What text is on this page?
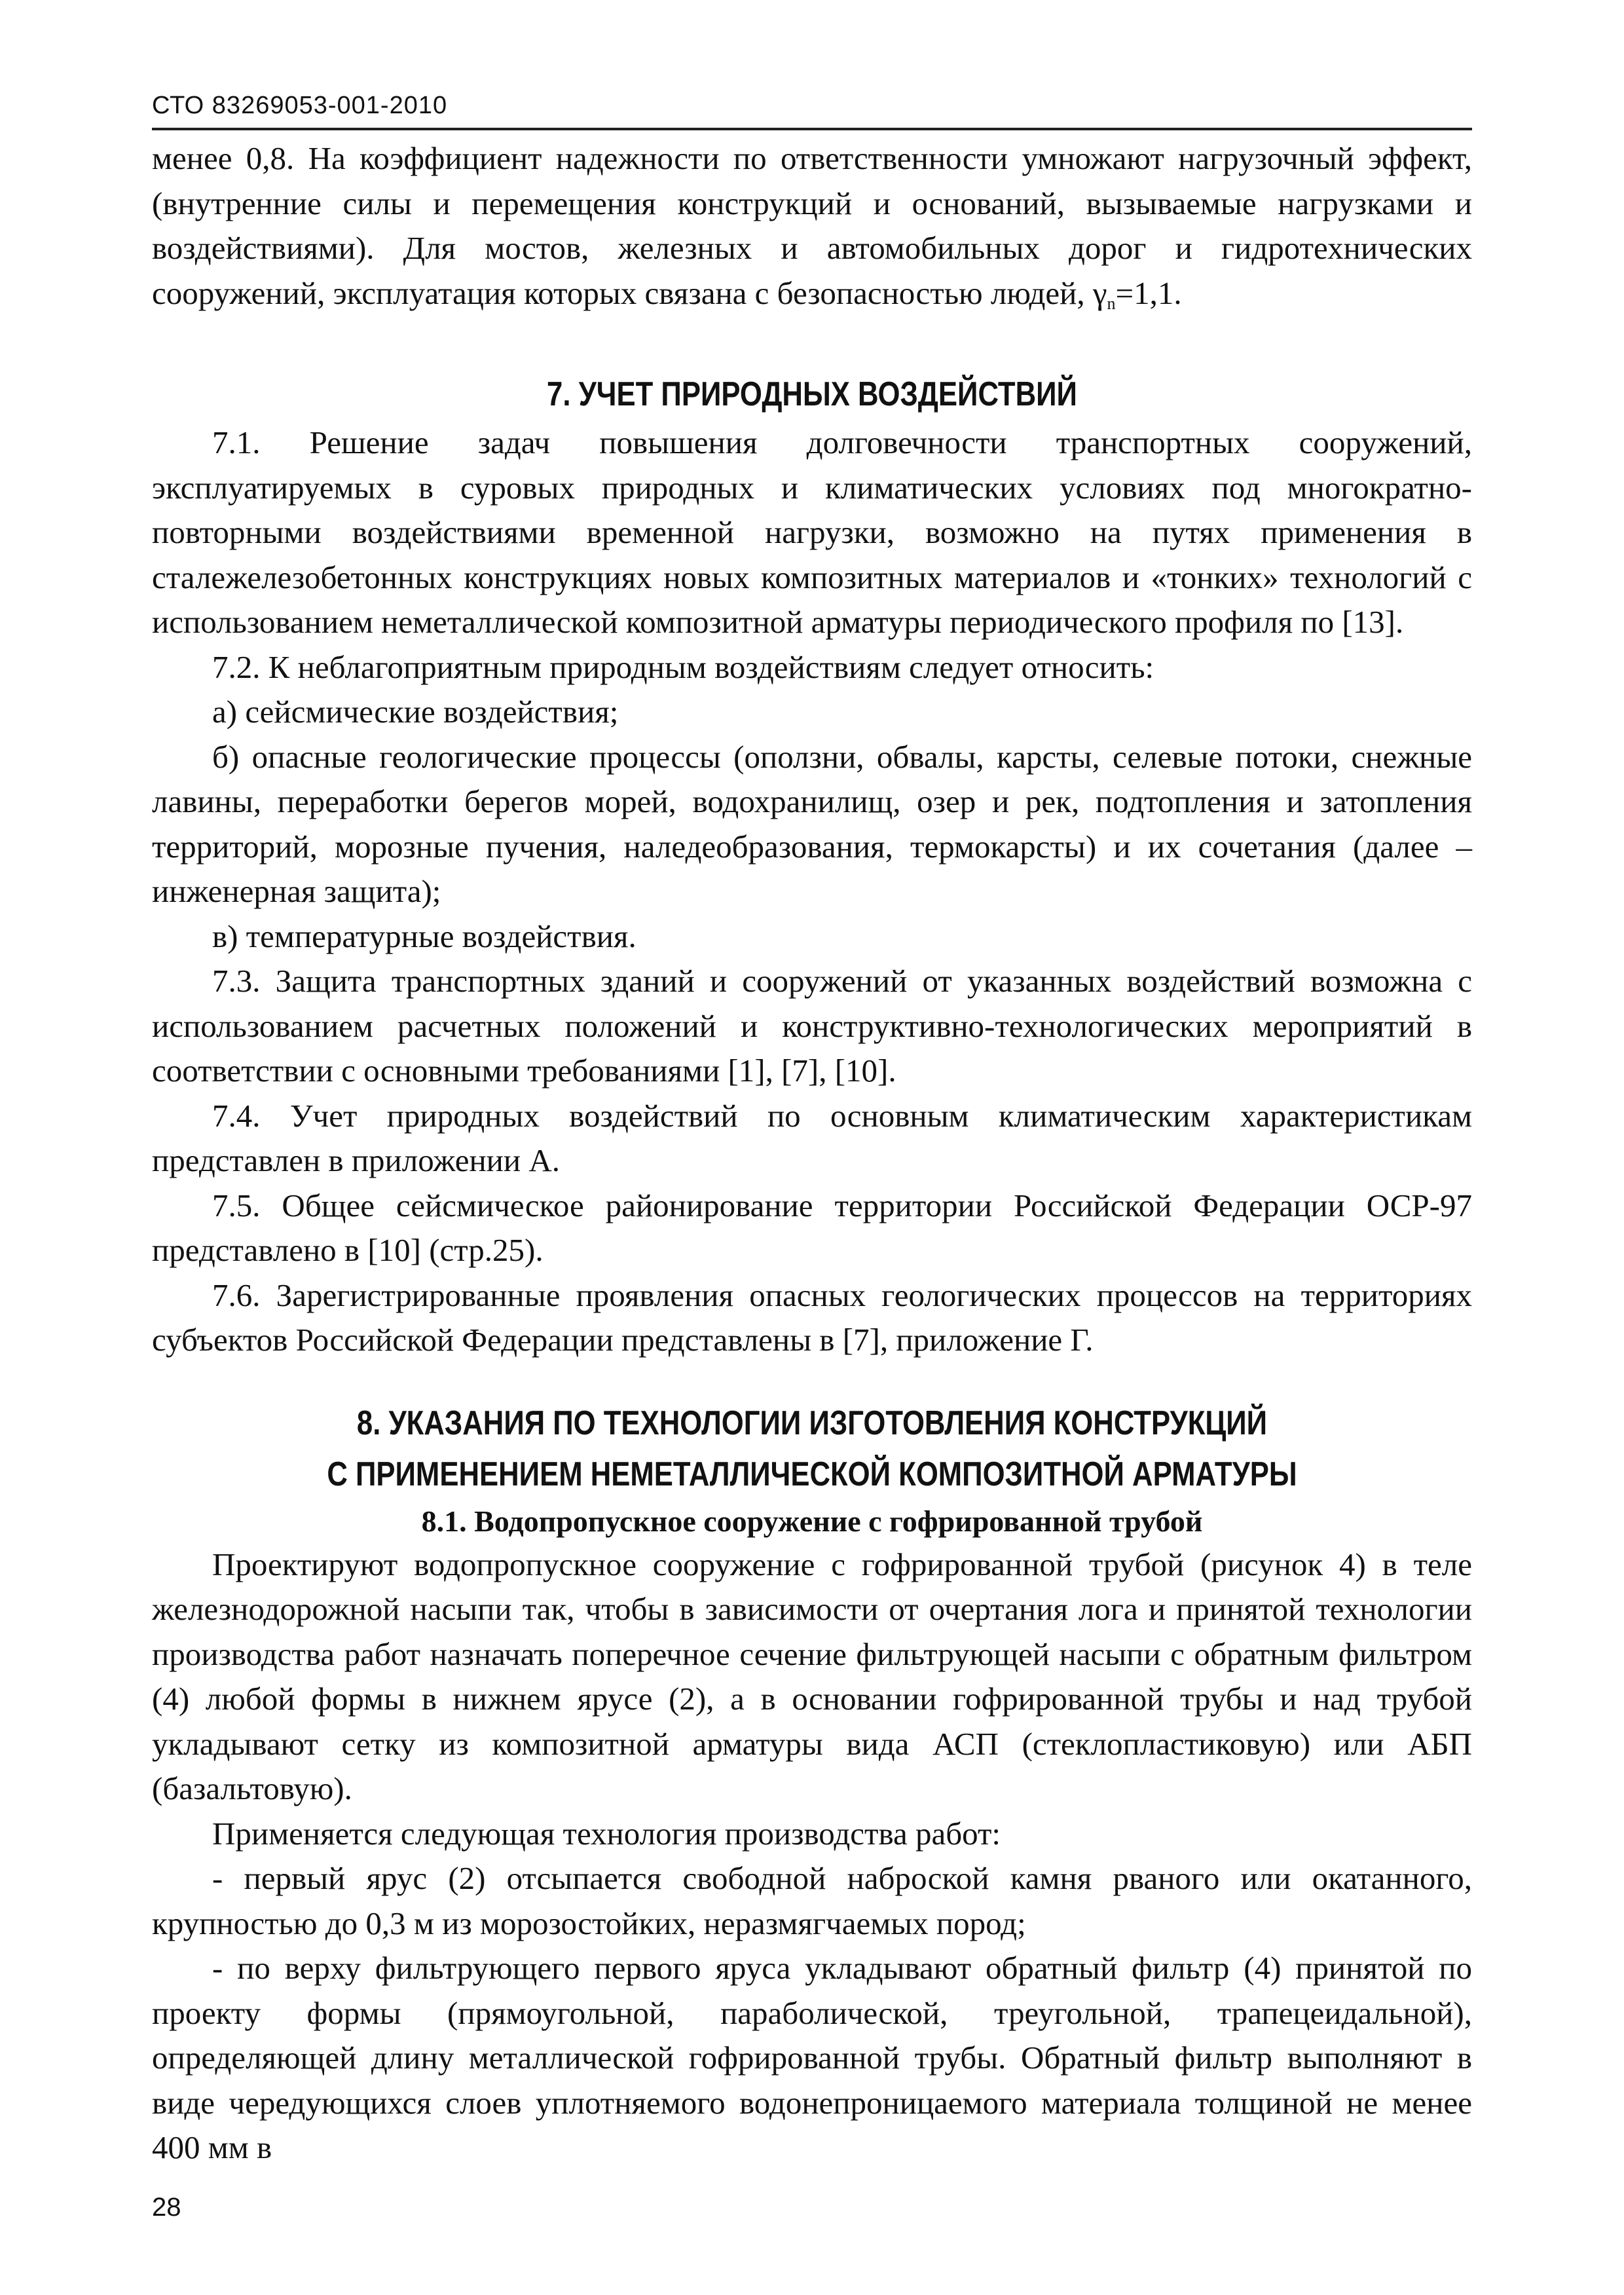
СТО 83269053-001-2010

менее 0,8. На коэффициент надежности по ответственности умножают нагрузочный эффект, (внутренние силы и перемещения конструкций и оснований, вызываемые нагрузками и воздействиями). Для мостов, железных и автомобильных дорог и гидротехнических сооружений, эксплуатация которых связана с безопасностью людей, $\gamma_n=1,1$.

7. УЧЕТ ПРИРОДНЫХ ВОЗДЕЙСТВИЙ

7.1. Решение задач повышения долговечности транспортных сооружений, эксплуатируемых в суровых природных и климатических условиях под многократно-повторными воздействиями временной нагрузки, возможно на путях применения в сталежелезобетонных конструкциях новых композитных материалов и «тонких» технологий с использованием неметаллической композитной арматуры периодического профиля по [13].

7.2. К неблагоприятным природным воздействиям следует относить:

а) сейсмические воздействия;

б) опасные геологические процессы (оползни, обвалы, карсты, селевые потоки, снежные лавины, переработки берегов морей, водохранилищ, озер и рек, подтопления и затопления территорий, морозные пучения, наледеобразования, термокарсты) и их сочетания (далее – инженерная защита);

в) температурные воздействия.

7.3. Защита транспортных зданий и сооружений от указанных воздействий возможна с использованием расчетных положений и конструктивно-технологических мероприятий в соответствии с основными требованиями [1], [7], [10].

7.4. Учет природных воздействий по основным климатическим характеристикам представлен в приложении А.

7.5. Общее сейсмическое районирование территории Российской Федерации ОСР-97 представлено в [10] (стр.25).

7.6. Зарегистрированные проявления опасных геологических процессов на территориях субъектов Российской Федерации представлены в [7], приложение Г.

8. УКАЗАНИЯ ПО ТЕХНОЛОГИИ ИЗГОТОВЛЕНИЯ КОНСТРУКЦИЙ
С ПРИМЕНЕНИЕМ НЕМЕТАЛЛИЧЕСКОЙ КОМПОЗИТНОЙ АРМАТУРЫ
8.1. Водопропускное сооружение с гофрированной трубой

Проектируют водопропускное сооружение с гофрированной трубой (рисунок 4) в теле железнодорожной насыпи так, чтобы в зависимости от очертания лога и принятой технологии производства работ назначать поперечное сечение фильтрующей насыпи с обратным фильтром (4) любой формы в нижнем ярусе (2), а в основании гофрированной трубы и над трубой укладывают сетку из композитной арматуры вида АСП (стеклопластиковую) или АБП (базальтовую).

Применяется следующая технология производства работ:

- первый ярус (2) отсыпается свободной наброской камня рваного или окатанного, крупностью до 0,3 м из морозостойких, неразмягчаемых пород;

- по верху фильтрующего первого яруса укладывают обратный фильтр (4) принятой по проекту формы (прямоугольной, параболической, треугольной, трапецеидальной), определяющей длину металлической гофрированной трубы. Обратный фильтр выполняют в виде чередующихся слоев уплотняемого водонепроницаемого материала толщиной не менее 400 мм в

28
